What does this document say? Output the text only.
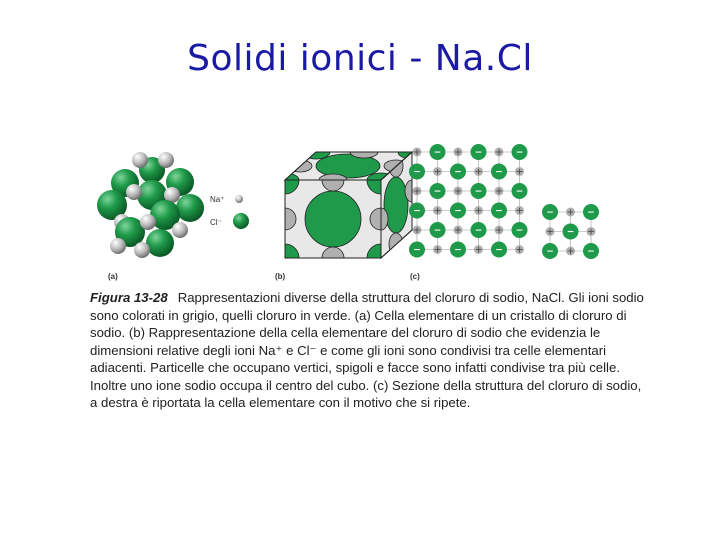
Solidi ionici - Na.Cl
Na⁺
Cl⁻
+ − + − + −
− + − + − +
+ − + − + −
− + − + − +
+ − + − + −
− + − + − +
− + −
+ − +
− + −
(a)	(b)	(c)
Figura 13-28 Rappresentazioni diverse della struttura del cloruro di sodio, NaCl. Gli ioni sodio sono colorati in grigio, quelli cloruro in verde. (a) Cella elementare di un cristallo di cloruro di sodio. (b) Rappresentazione della cella elementare del cloruro di sodio che evidenzia le dimensioni relative degli ioni Na⁺ e Cl⁻ e come gli ioni sono condivisi tra celle elementari adiacenti. Particelle che occupano vertici, spigoli e facce sono infatti condivise tra più celle. Inoltre uno ione sodio occupa il centro del cubo. (c) Sezione della struttura del cloruro di sodio, a destra è riportata la cella elementare con il motivo che si ripete.
